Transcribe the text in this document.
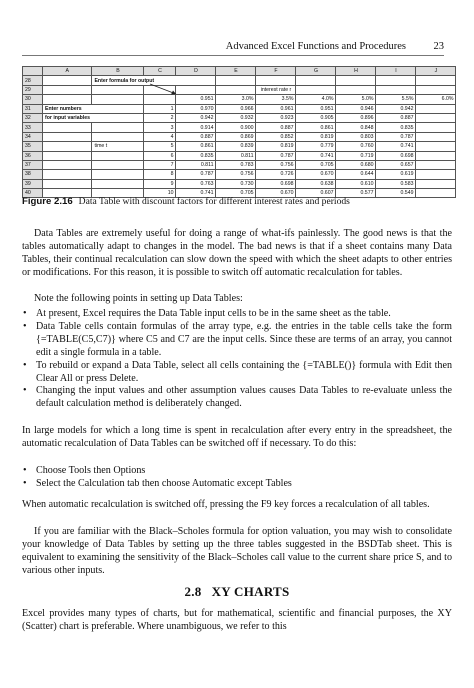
Advanced Excel Functions and Procedures	23
	A	B	C	D	E	F	G	H	I	J
28		Enter formula for output								
29						interest rate r				
30				0.951	3.0%	3.5%	4.0%	5.0%	5.5%	6.0%
31	Enter numbers		1	0.970	0.966	0.961	0.951	0.946	0.942	
32	for input variables		2	0.942	0.932	0.923	0.905	0.896	0.887	
33			3	0.914	0.900	0.887	0.861	0.848	0.835	
34			4	0.887	0.869	0.852	0.819	0.803	0.787	
35		time t	5	0.861	0.839	0.819	0.779	0.760	0.741	
36			6	0.835	0.811	0.787	0.741	0.719	0.698	
37			7	0.811	0.783	0.756	0.705	0.680	0.657	
38			8	0.787	0.756	0.726	0.670	0.644	0.619	
39			9	0.763	0.730	0.698	0.638	0.610	0.583	
40			10	0.741	0.705	0.670	0.607	0.577	0.549	
Figure 2.16 Data Table with discount factors for different interest rates and periods

Data Tables are extremely useful for doing a range of what-ifs painlessly. The good news is that the tables automatically adapt to changes in the model. The bad news is that if a sheet contains many Data Tables, their continual recalculation can slow down the speed with which the sheet adapts to other entries or modifications. For this reason, it is possible to switch off automatic recalculation for tables.

Note the following points in setting up Data Tables:

• At present, Excel requires the Data Table input cells to be in the same sheet as the table.
• Data Table cells contain formulas of the array type, e.g. the entries in the table cells take the form {=TABLE(C5,C7)} where C5 and C7 are the input cells. Since these are terms of an array, you cannot edit a single formula in a table.
• To rebuild or expand a Data Table, select all cells containing the {=TABLE()} formula with Edit then Clear All or press Delete.
• Changing the input values and other assumption values causes Data Tables to re-evaluate unless the default calculation method is deliberately changed.

In large models for which a long time is spent in recalculation after every entry in the spreadsheet, the automatic recalculation of Data Tables can be switched off if necessary. To do this:

• Choose Tools then Options
• Select the Calculation tab then choose Automatic except Tables

When automatic recalculation is switched off, pressing the F9 key forces a recalculation of all tables.

If you are familiar with the Black–Scholes formula for option valuation, you may wish to consolidate your knowledge of Data Tables by setting up the three tables suggested in the BSDTab sheet. This is equivalent to examining the sensitivity of the Black–Scholes call value to the current share price S, and to various other inputs.

2.8 XY CHARTS

Excel provides many types of charts, but for mathematical, scientific and financial purposes, the XY (Scatter) chart is preferable. Where unambiguous, we refer to this
